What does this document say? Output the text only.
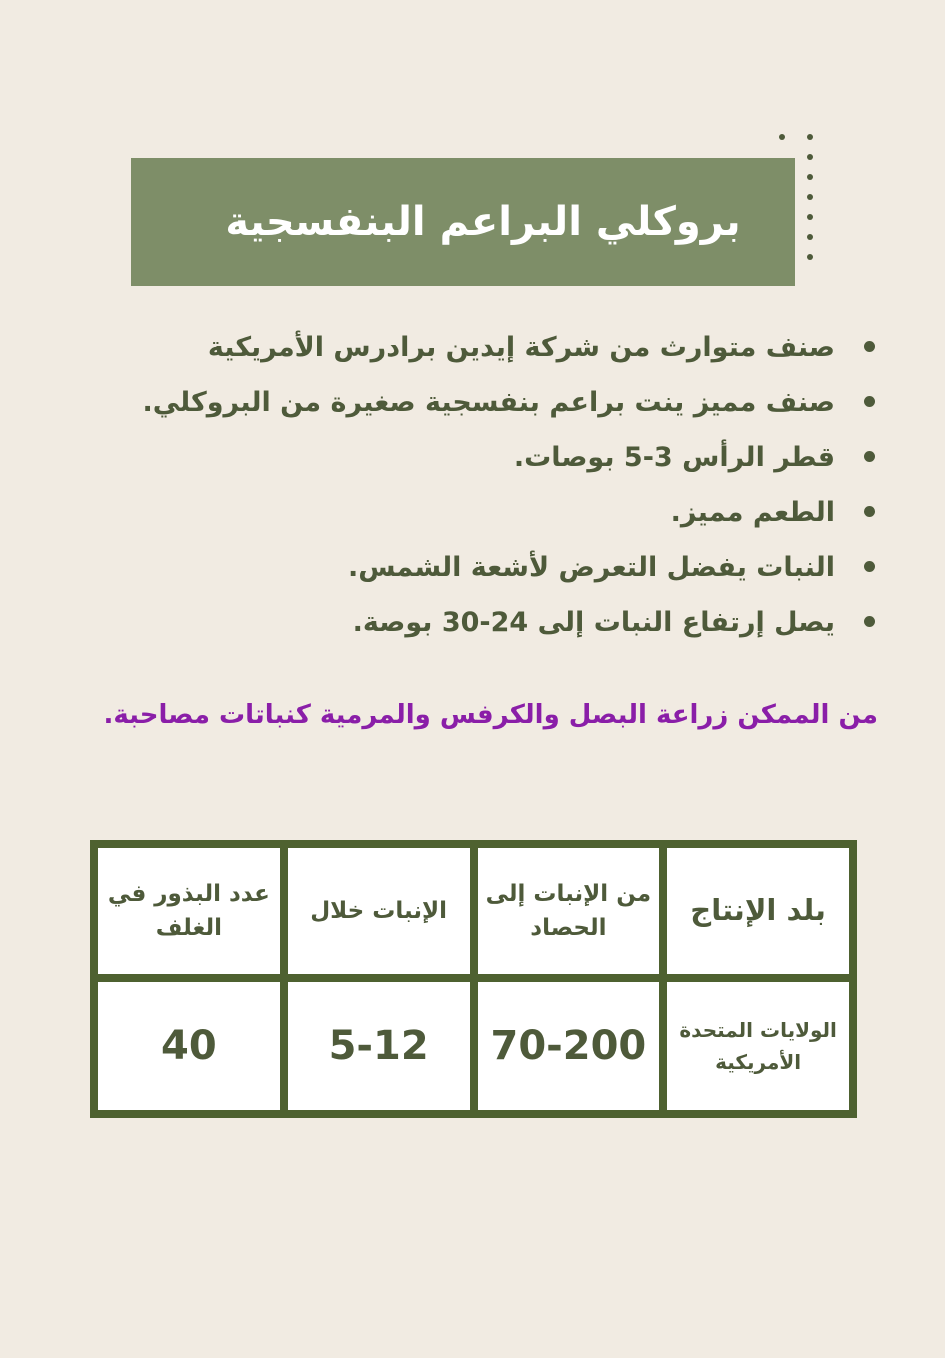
بروكلي البراعم البنفسجية
صنف متوارث من شركة إيدين برادرس الأمريكية
صنف مميز ينت براعم بنفسجية صغيرة من البروكلي.
قطر الرأس 3-5 بوصات.
الطعم مميز.
النبات يفضل التعرض لأشعة الشمس.
يصل إرتفاع النبات إلى 24-30 بوصة.
من الممكن زراعة البصل والكرفس والمرمية كنباتات مصاحبة.
بلد الإنتاج	من الإنبات إلى الحصاد	الإنبات خلال	عدد البذور في الغلف
الولايات المتحدة الأمريكية	70-200	5-12	40
